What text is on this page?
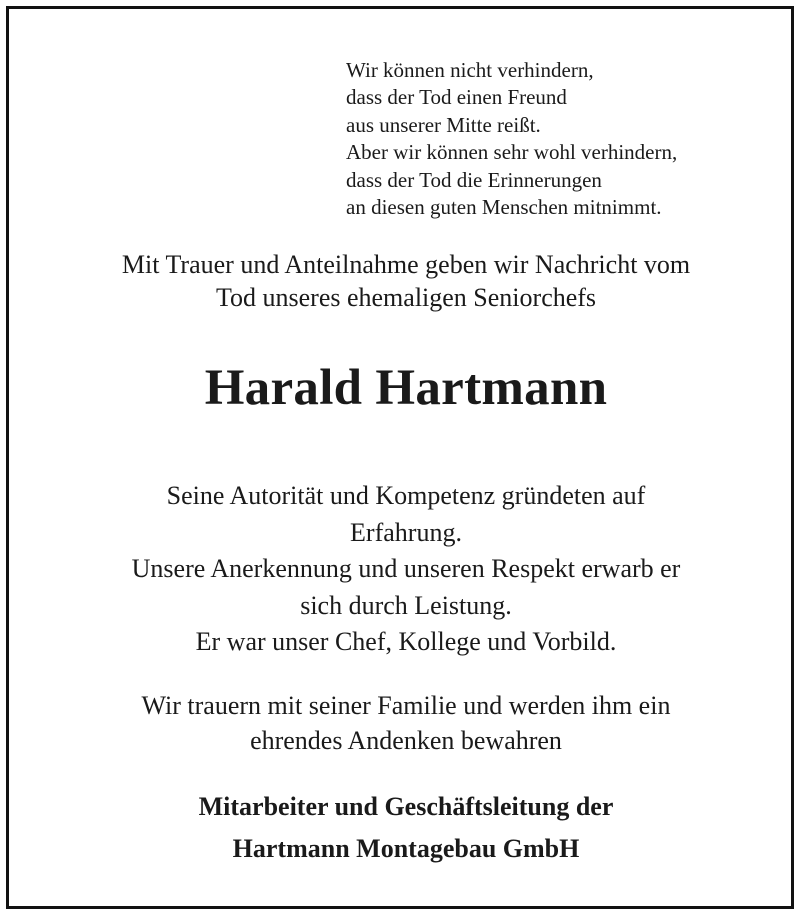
Wir können nicht verhindern,
dass der Tod einen Freund
aus unserer Mitte reißt.
Aber wir können sehr wohl verhindern,
dass der Tod die Erinnerungen
an diesen guten Menschen mitnimmt.
Mit Trauer und Anteilnahme geben wir Nachricht vom
Tod unseres ehemaligen Seniorchefs
Harald Hartmann
Seine Autorität und Kompetenz gründeten auf
Erfahrung.
Unsere Anerkennung und unseren Respekt erwarb er
sich durch Leistung.
Er war unser Chef, Kollege und Vorbild.
Wir trauern mit seiner Familie und werden ihm ein
ehrendes Andenken bewahren
Mitarbeiter und Geschäftsleitung der
Hartmann Montagebau GmbH
